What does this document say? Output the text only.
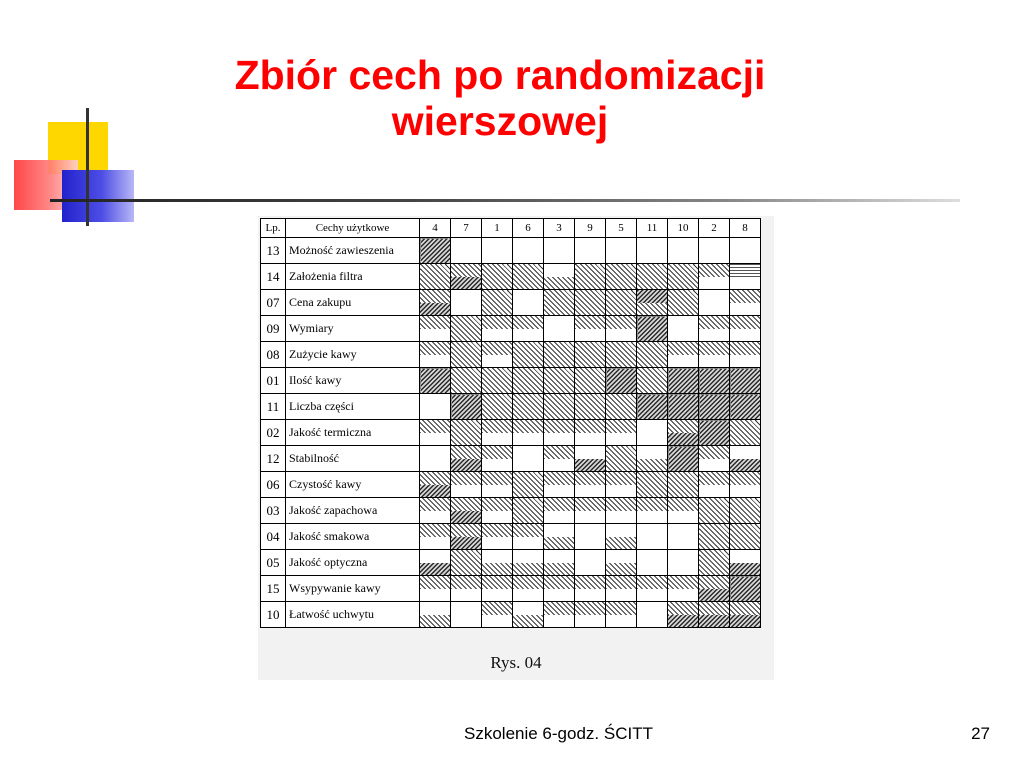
Zbiór cech po randomizacji
wierszowej
Lp.	Cechy użytkowe	4	7	1	6	3	9	5	11	10	2	8
13	Możność zawieszenia											
14	Założenia filtra		

07	Cena zakupu	

09	Wymiary	

08	Zużycie kawy	

01	Ilość kawy											
11	Liczba części											
02	Jakość termiczna	

12	Stabilność		

06	Czystość kawy	

03	Jakość zapachowa	

04	Jakość smakowa	

05	Jakość optyczna	

15	Wsypywanie kawy	

10	Łatwość uchwytu	

Rys. 04
Szkolenie 6-godz. ŚCITT	27
